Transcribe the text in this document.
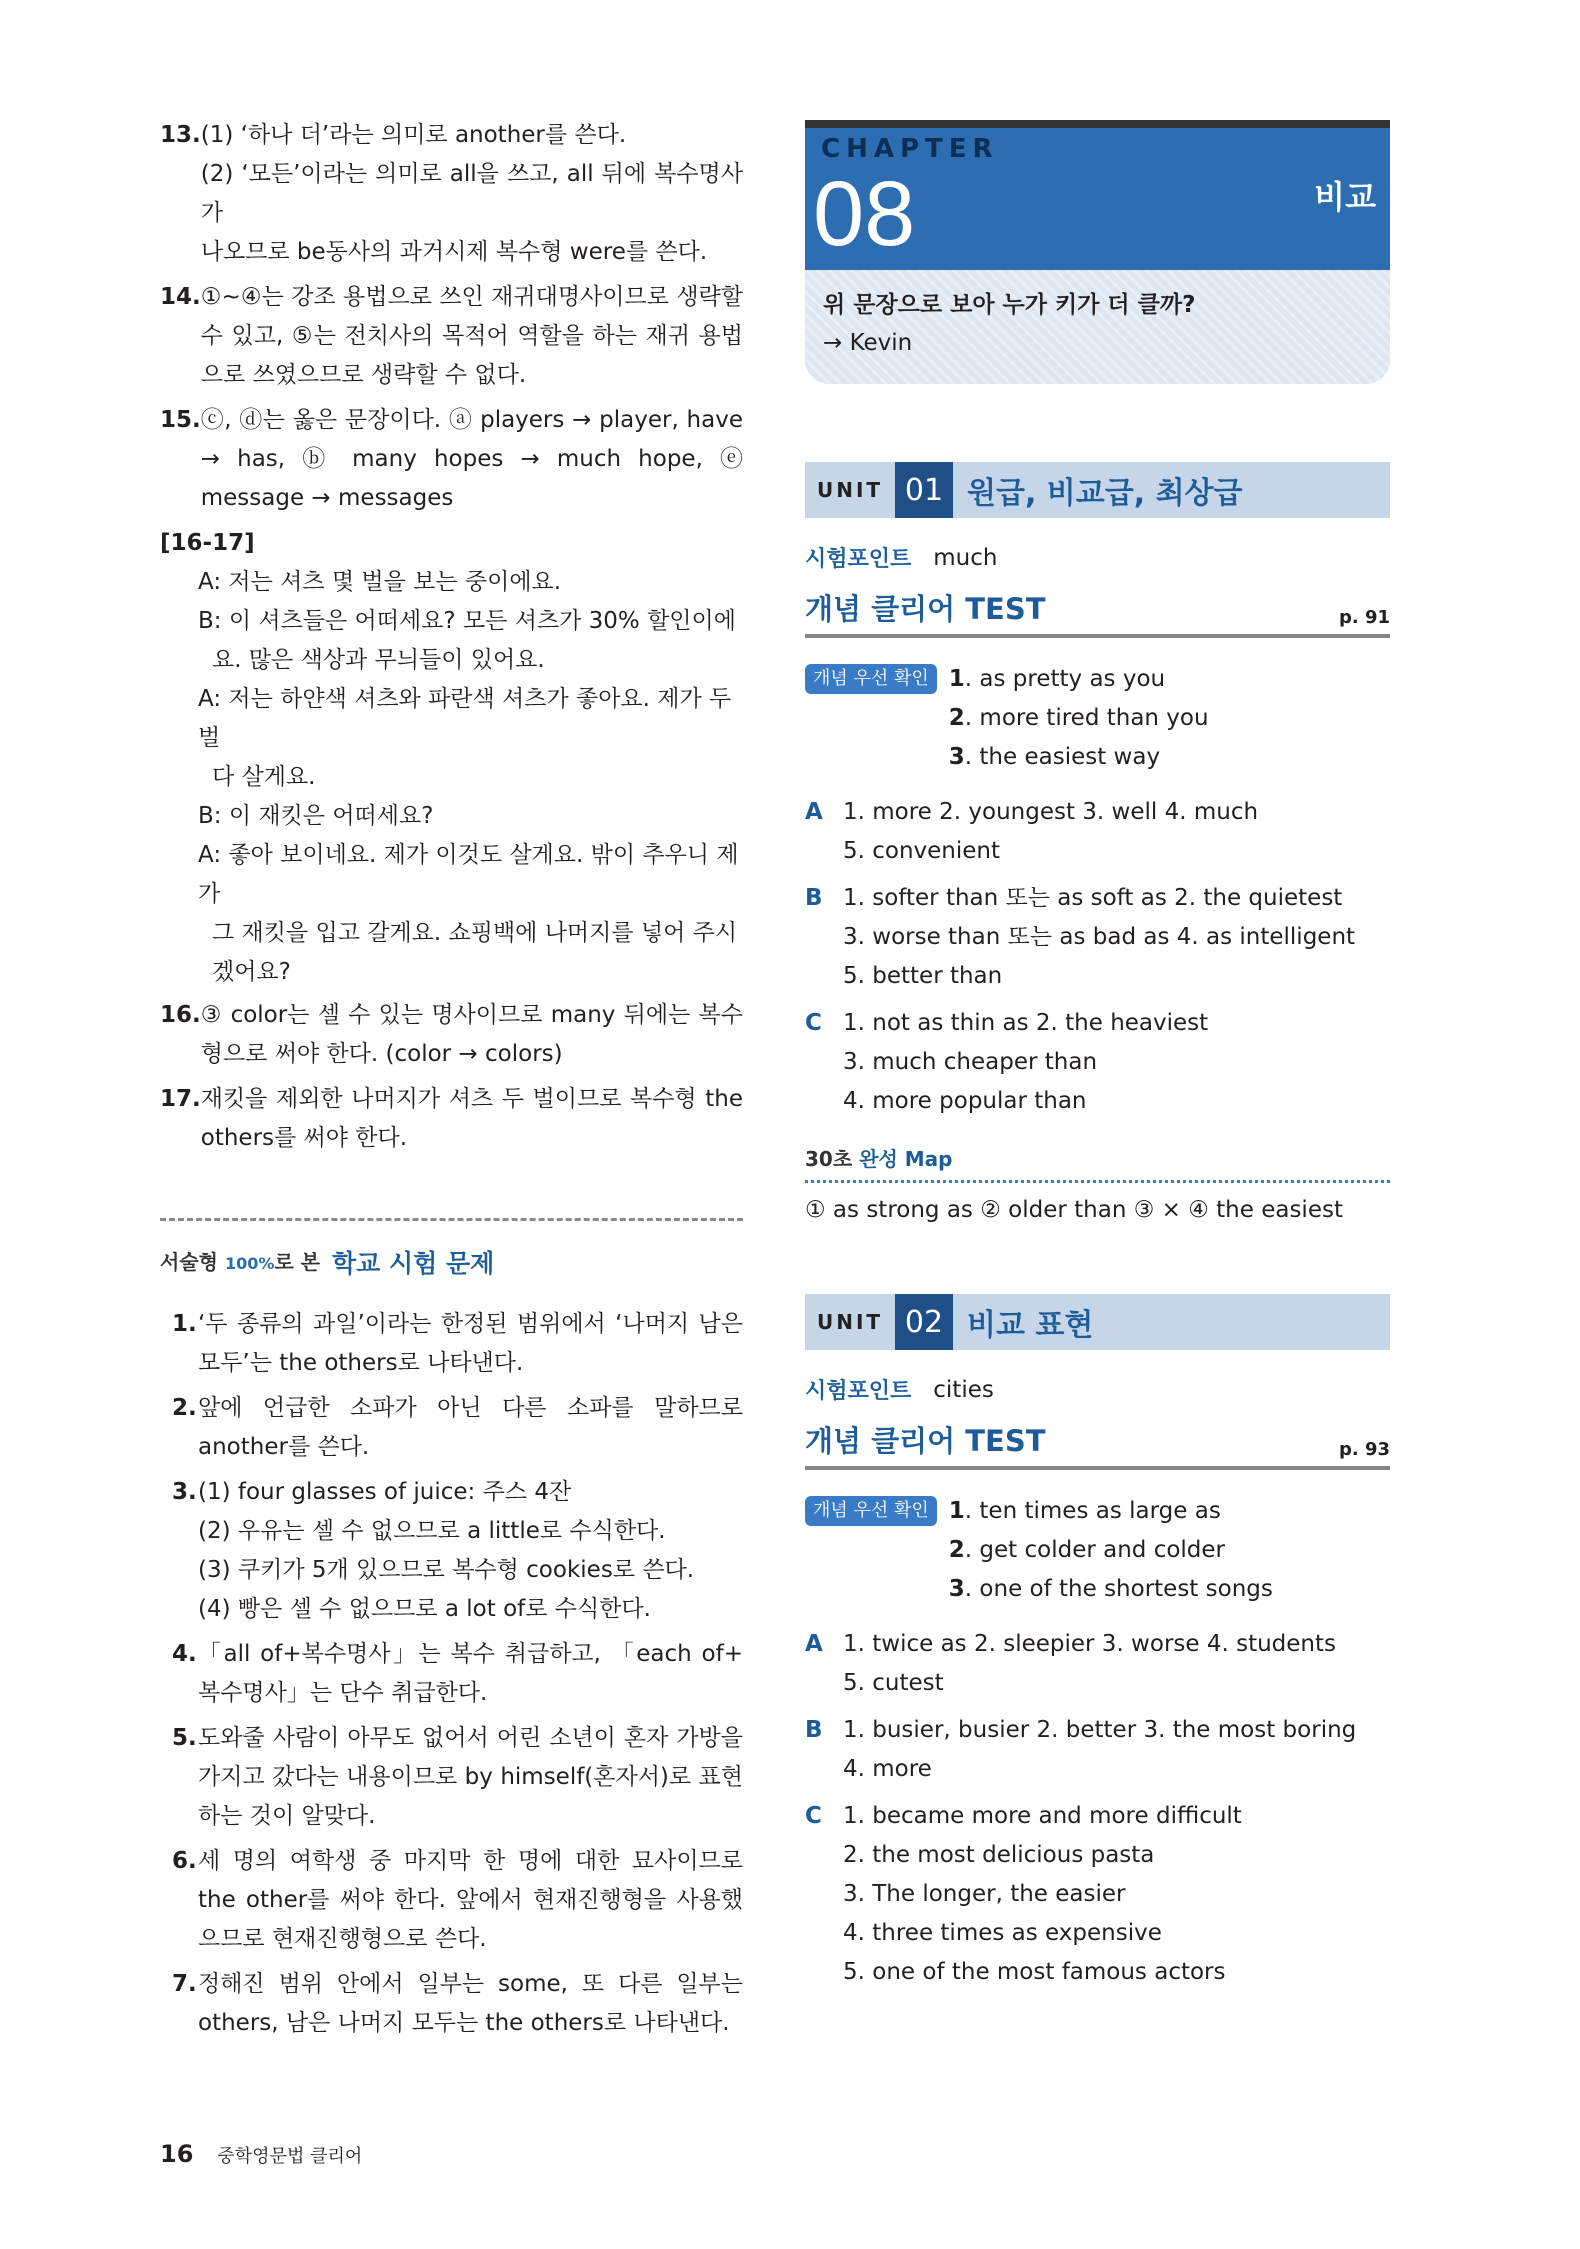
13. (1) ‘하나 더’라는 의미로 another를 쓴다.
(2) ‘모든’이라는 의미로 all을 쓰고, all 뒤에 복수명사가
나오므로 be동사의 과거시제 복수형 were를 쓴다.
14. ①~④는 강조 용법으로 쓰인 재귀대명사이므로 생략할 수 있고, ⑤는 전치사의 목적어 역할을 하는 재귀 용법으로 쓰였으므로 생략할 수 없다.
15. ⓒ, ⓓ는 옳은 문장이다. ⓐ players → player, have → has, ⓑ many hopes → much hope, ⓔ message → messages
[16-17]
A: 저는 셔츠 몇 벌을 보는 중이에요.
B: 이 셔츠들은 어떠세요? 모든 셔츠가 30% 할인이에
요. 많은 색상과 무늬들이 있어요.
A: 저는 하얀색 셔츠와 파란색 셔츠가 좋아요. 제가 두 벌
다 살게요.
B: 이 재킷은 어떠세요?
A: 좋아 보이네요. 제가 이것도 살게요. 밖이 추우니 제가
그 재킷을 입고 갈게요. 쇼핑백에 나머지를 넣어 주시
겠어요?
16. ③ color는 셀 수 있는 명사이므로 many 뒤에는 복수형으로 써야 한다. (color → colors)
17. 재킷을 제외한 나머지가 셔츠 두 벌이므로 복수형 the others를 써야 한다.
서술형 100%로 본 학교 시험 문제
1. ‘두 종류의 과일’이라는 한정된 범위에서 ‘나머지 남은 모두’는 the others로 나타낸다.
2. 앞에 언급한 소파가 아닌 다른 소파를 말하므로 another를 쓴다.
3. (1) four glasses of juice: 주스 4잔
(2) 우유는 셀 수 없으므로 a little로 수식한다.
(3) 쿠키가 5개 있으므로 복수형 cookies로 쓴다.
(4) 빵은 셀 수 없으므로 a lot of로 수식한다.
4. 「all of+복수명사」는 복수 취급하고, 「each of+ 복수명사」는 단수 취급한다.
5. 도와줄 사람이 아무도 없어서 어린 소년이 혼자 가방을 가지고 갔다는 내용이므로 by himself(혼자서)로 표현하는 것이 알맞다.
6. 세 명의 여학생 중 마지막 한 명에 대한 묘사이므로 the other를 써야 한다. 앞에서 현재진행형을 사용했으므로 현재진행형으로 쓴다.
7. 정해진 범위 안에서 일부는 some, 또 다른 일부는 others, 남은 나머지 모두는 the others로 나타낸다.
CHAPTER
08	비교
위 문장으로 보아 누가 키가 더 클까?
→ Kevin
UNIT 01 원급, 비교급, 최상급
시험포인트 much
개념 클리어 TEST	p. 91
개념 우선 확인 1. as pretty as you
2. more tired than you
3. the easiest way
A 1. more 2. youngest 3. well 4. much
5. convenient
B 1. softer than 또는 as soft as 2. the quietest
3. worse than 또는 as bad as 4. as intelligent
5. better than
C 1. not as thin as 2. the heaviest
3. much cheaper than
4. more popular than
30초 완성 Map
① as strong as ② older than ③ × ④ the easiest
UNIT 02 비교 표현
시험포인트 cities
개념 클리어 TEST	p. 93
개념 우선 확인 1. ten times as large as
2. get colder and colder
3. one of the shortest songs
A 1. twice as 2. sleepier 3. worse 4. students
5. cutest
B 1. busier, busier 2. better 3. the most boring
4. more
C 1. became more and more difficult
2. the most delicious pasta
3. The longer, the easier
4. three times as expensive
5. one of the most famous actors
16 중학영문법 클리어
